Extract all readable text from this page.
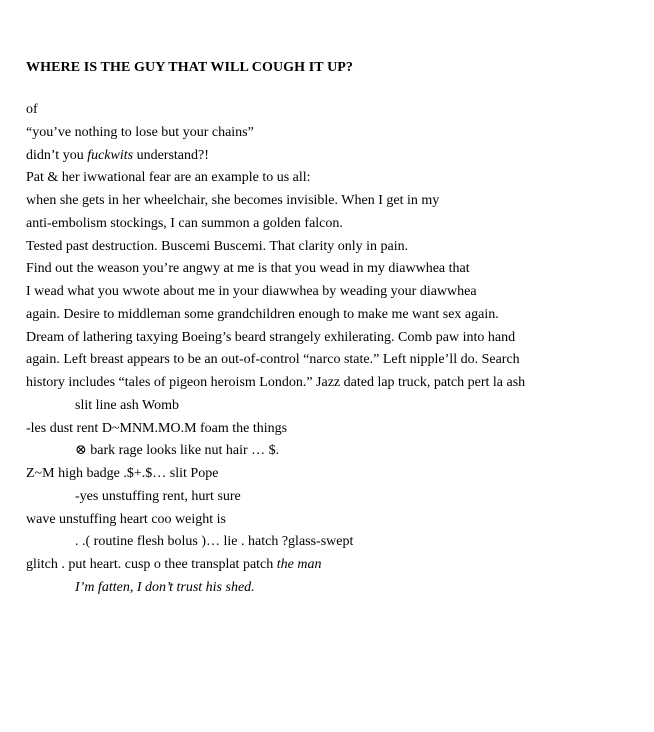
WHERE IS THE GUY THAT WILL COUGH IT UP?
of
“you’ve nothing to lose but your chains”
didn’t you fuckwits understand?!
Pat & her iwwational fear are an example to us all:
when she gets in her wheelchair, she becomes invisible. When I get in my
anti-embolism stockings, I can summon a golden falcon.
Tested past destruction. Buscemi Buscemi. That clarity only in pain.
Find out the weason you’re angwy at me is that you wead in my diawwhea that
I wead what you wwote about me in your diawwhea by weading your diawwhea
again. Desire to middleman some grandchildren enough to make me want sex again.
Dream of lathering taxying Boeing’s beard strangely exhilerating. Comb paw into hand
again. Left breast appears to be an out-of-control “narco state.” Left nipple’ll do. Search
history includes “tales of pigeon heroism London.” Jazz dated lap truck, patch pert la ash
slit line ash Womb
-les dust rent D~MNM.MO.M foam the things
⊗ bark rage looks like nut hair … $.
Z~M high badge .$+.$… slit Pope
-yes unstuffing rent, hurt sure
wave unstuffing heart coo weight is
. .( routine flesh bolus )… lie . hatch ?glass-swept
glitch . put heart. cusp o thee transplat patch the man
I’m fatten, I don’t trust his shed.
